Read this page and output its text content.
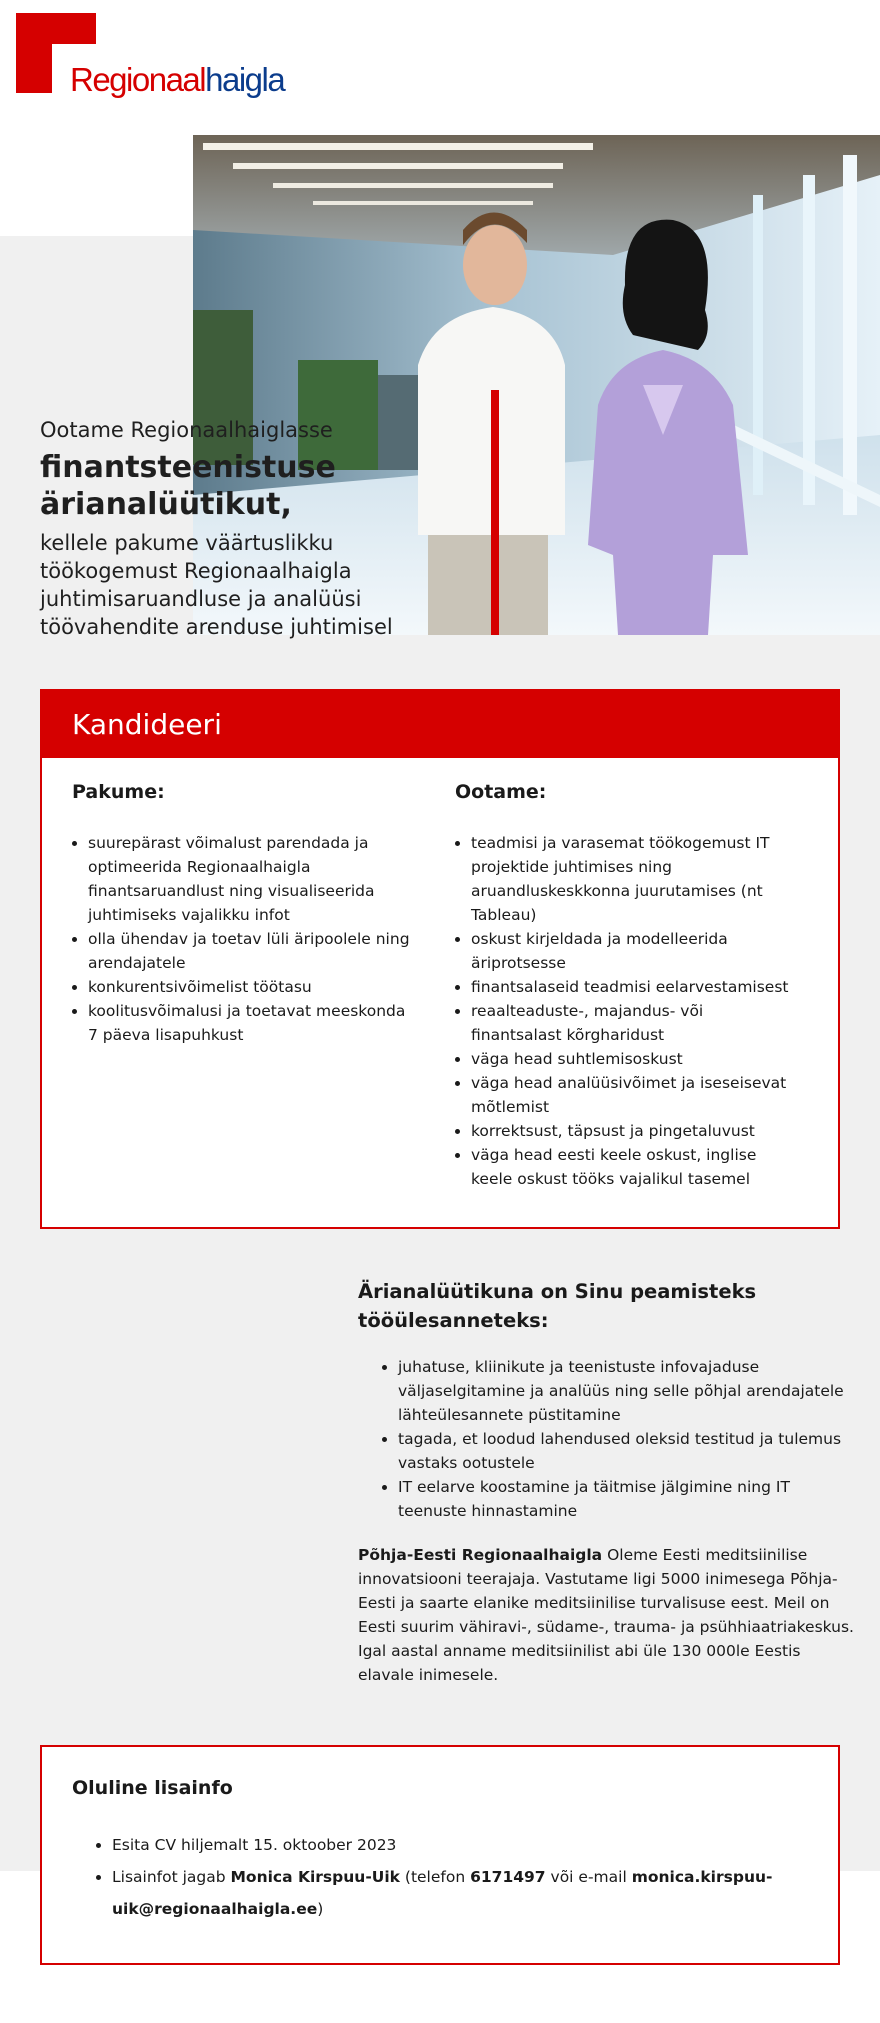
Regionaalhaigla
Ootame Regionaalhaiglasse
finantsteenistuse ärianalüütikut,
kellele pakume väärtuslikku töökogemust Regionaalhaigla juhtimisaruandluse ja analüüsi töövahendite arenduse juhtimisel
Kandideeri
Pakume:
• suurepärast võimalust parendada ja optimeerida Regionaalhaigla finantsaruandlust ning visualiseerida juhtimiseks vajalikku infot
• olla ühendav ja toetav lüli äripoolele ning arendajatele
• konkurentsivõimelist töötasu
• koolitusvõimalusi ja toetavat meeskonda 7 päeva lisapuhkust
Ootame:
• teadmisi ja varasemat töökogemust IT projektide juhtimises ning aruandluskeskkonna juurutamises (nt Tableau)
• oskust kirjeldada ja modelleerida äriprotsesse
• finantsalaseid teadmisi eelarvestamisest
• reaalteaduste-, majandus- või finantsalast kõrgharidust
• väga head suhtlemisoskust
• väga head analüüsivõimet ja iseseisevat mõtlemist
• korrektsust, täpsust ja pingetaluvust
• väga head eesti keele oskust, inglise keele oskust tööks vajalikul tasemel
Ärianalüütikuna on Sinu peamisteks tööülesanneteks:
• juhatuse, kliinikute ja teenistuste infovajaduse väljaselgitamine ja analüüs ning selle põhjal arendajatele lähteülesannete püstitamine
• tagada, et loodud lahendused oleksid testitud ja tulemus vastaks ootustele
• IT eelarve koostamine ja täitmise jälgimine ning IT teenuste hinnastamine

Põhja-Eesti Regionaalhaigla Oleme Eesti meditsiinilise innovatsiooni teerajaja. Vastutame ligi 5000 inimesega Põhja-Eesti ja saarte elanike meditsiinilise turvalisuse eest. Meil on Eesti suurim vähiravi-, südame-, trauma- ja psühhiaatriakeskus. Igal aastal anname meditsiinilist abi üle 130 000le Eestis elavale inimesele.

Oluline lisainfo
• Esita CV hiljemalt 15. oktoober 2023
• Lisainfot jagab Monica Kirspuu-Uik (telefon 6171497 või e-mail monica.kirspuu-uik@regionaalhaigla.ee)
